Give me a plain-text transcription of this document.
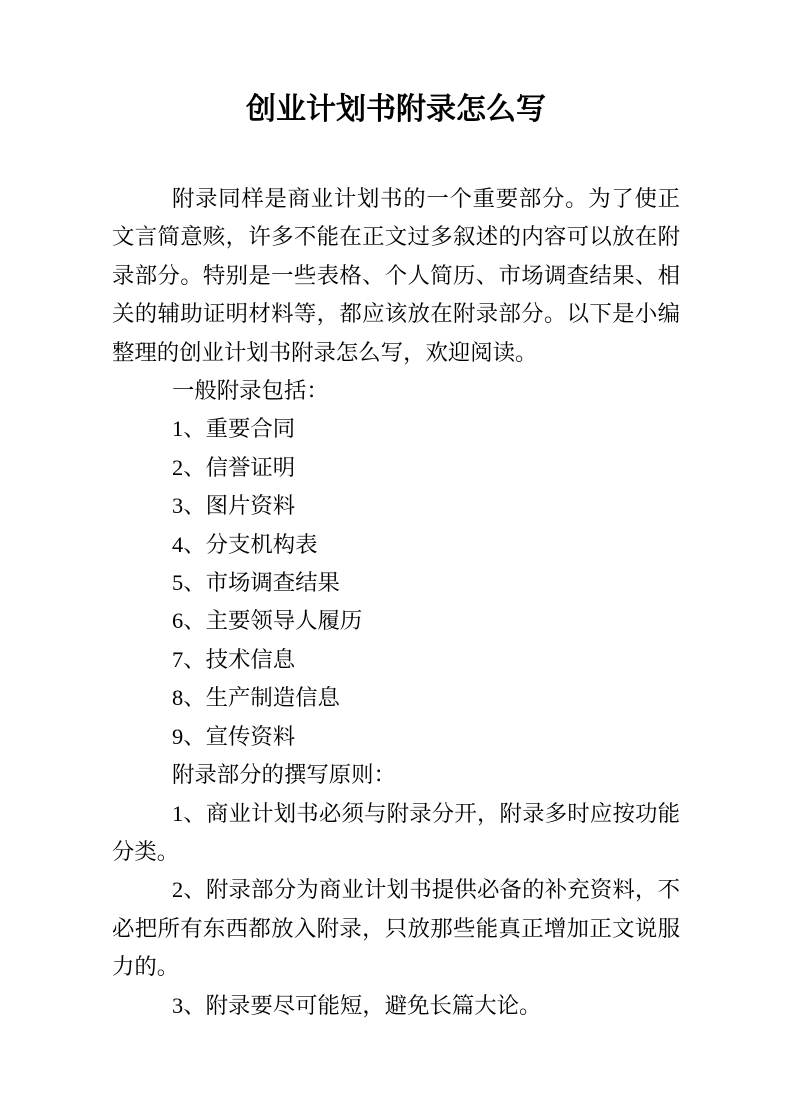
创业计划书附录怎么写

附录同样是商业计划书的一个重要部分。为了使正文言简意赅，许多不能在正文过多叙述的内容可以放在附录部分。特别是一些表格、个人简历、市场调查结果、相关的辅助证明材料等，都应该放在附录部分。以下是小编整理的创业计划书附录怎么写，欢迎阅读。

一般附录包括：

1、重要合同

2、信誉证明

3、图片资料

4、分支机构表

5、市场调查结果

6、主要领导人履历

7、技术信息

8、生产制造信息

9、宣传资料

附录部分的撰写原则：

1、商业计划书必须与附录分开，附录多时应按功能分类。

2、附录部分为商业计划书提供必备的补充资料，不必把所有东西都放入附录，只放那些能真正增加正文说服力的。

3、附录要尽可能短，避免长篇大论。
